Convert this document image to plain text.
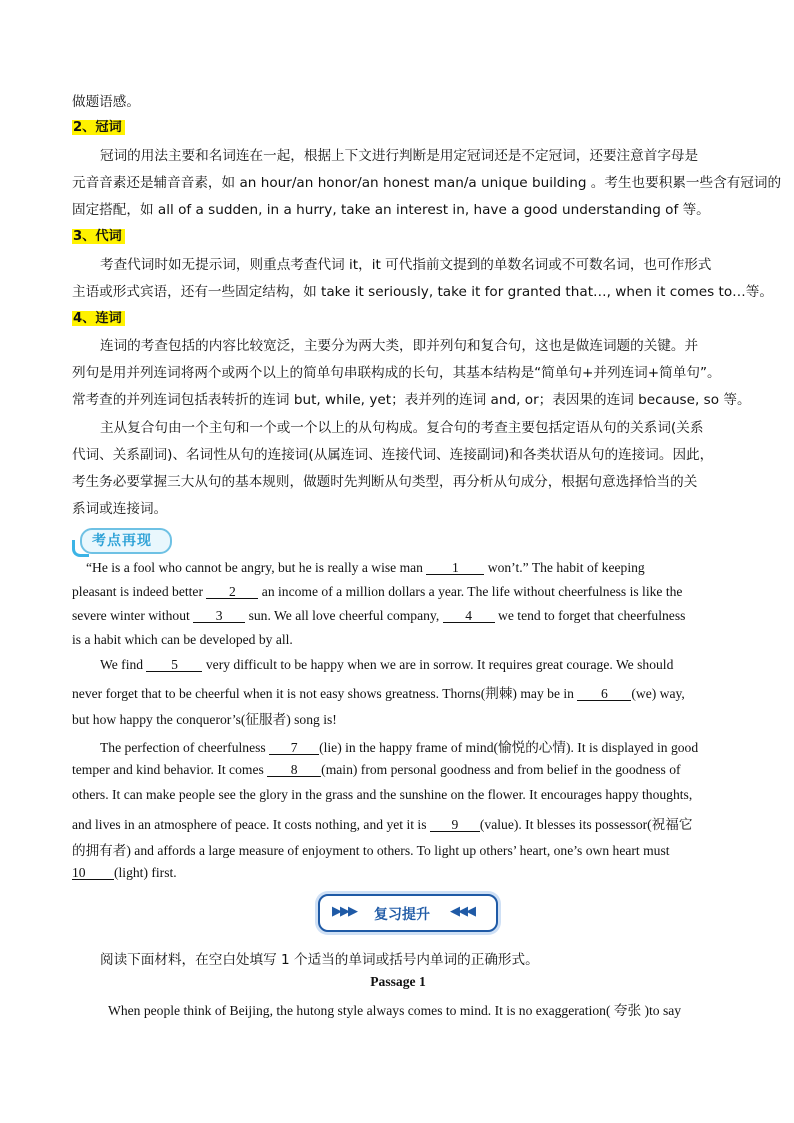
做题语感。
2、冠词
冠词的用法主要和名词连在一起，根据上下文进行判断是用定冠词还是不定冠词，还要注意首字母是
元音音素还是辅音音素，如 an hour/an honor/an honest man/a unique building 。考生也要积累一些含有冠词的
固定搭配，如 all of a sudden, in a hurry, take an interest in, have a good understanding of 等。
3、代词
考查代词时如无提示词，则重点考查代词 it，it 可代指前文提到的单数名词或不可数名词，也可作形式
主语或形式宾语，还有一些固定结构，如 take it seriously, take it for granted that…, when it comes to…等。
4、连词
连词的考查包括的内容比较宽泛，主要分为两大类，即并列句和复合句，这也是做连词题的关键。并
列句是用并列连词将两个或两个以上的简单句串联构成的长句，其基本结构是“简单句+并列连词+简单句”。
常考查的并列连词包括表转折的连词 but, while, yet；表并列的连词 and, or；表因果的连词 because, so 等。
主从复合句由一个主句和一个或一个以上的从句构成。复合句的考查主要包括定语从句的关系词(关系
代词、关系副词)、名词性从句的连接词(从属连词、连接代词、连接副词)和各类状语从句的连接词。因此，
考生务必要掌握三大从句的基本规则，做题时先判断从句类型，再分析从句成分，根据句意选择恰当的关
系词或连接词。
考点再现
“He is a fool who cannot be angry, but he is really a wise man 1 won’t.” The habit of keeping
pleasant is indeed better 2 an income of a million dollars a year. The life without cheerfulness is like the
severe winter without 3 sun. We all love cheerful company, 4 we tend to forget that cheerfulness
is a habit which can be developed by all.
We find 5 very difficult to be happy when we are in sorrow. It requires great courage. We should
never forget that to be cheerful when it is not easy shows greatness. Thorns(荆棘) may be in 6 (we) way,
but how happy the conqueror’s(征服者) song is!
The perfection of cheerfulness 7 (lie) in the happy frame of mind(愉悦的心情). It is displayed in good
temper and kind behavior. It comes 8 (main) from personal goodness and from belief in the goodness of
others. It can make people see the glory in the grass and the sunshine on the flower. It encourages happy thoughts,
and lives in an atmosphere of peace. It costs nothing, and yet it is 9 (value). It blesses its possessor(祝福它
的拥有者) and affords a large measure of enjoyment to others. To light up others’ heart, one’s own heart must
10 (light) first.
▶▶▶ 复习提升 ◀◀◀
阅读下面材料，在空白处填写 1 个适当的单词或括号内单词的正确形式。
Passage 1
When people think of Beijing, the hutong style always comes to mind. It is no exaggeration( 夸张 )to say
